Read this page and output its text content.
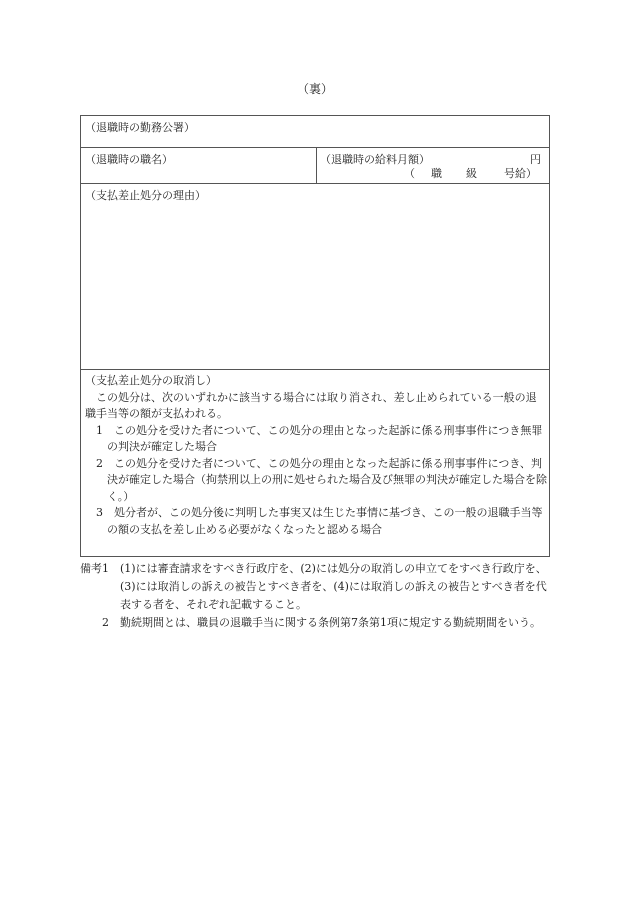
（裏）
（退職時の勤務公署）
（退職時の職名）	（退職時の給料月額）	円
（ 職 級 号給）
（支払差止処分の理由）

（支払差止処分の取消し）

この処分は、次のいずれかに該当する場合には取り消され、差し止められている一般の退職手当等の額が支払われる。

1　この処分を受けた者について、この処分の理由となった起訴に係る刑事事件につき無罪の判決が確定した場合

2　この処分を受けた者について、この処分の理由となった起訴に係る刑事事件につき、判決が確定した場合（拘禁刑以上の刑に処せられた場合及び無罪の判決が確定した場合を除く。）

3　処分者が、この処分後に判明した事実又は生じた事情に基づき、この一般の退職手当等の額の支払を差し止める必要がなくなったと認める場合

備考1 (1)には審査請求をすべき行政庁を、(2)には処分の取消しの申立てをすべき行政庁を、(3)には取消しの訴えの被告とすべき者を、(4)には取消しの訴えの被告とすべき者を代表する者を、それぞれ記載すること。
2 勤続期間とは、職員の退職手当に関する条例第7条第1項に規定する勤続期間をいう。
